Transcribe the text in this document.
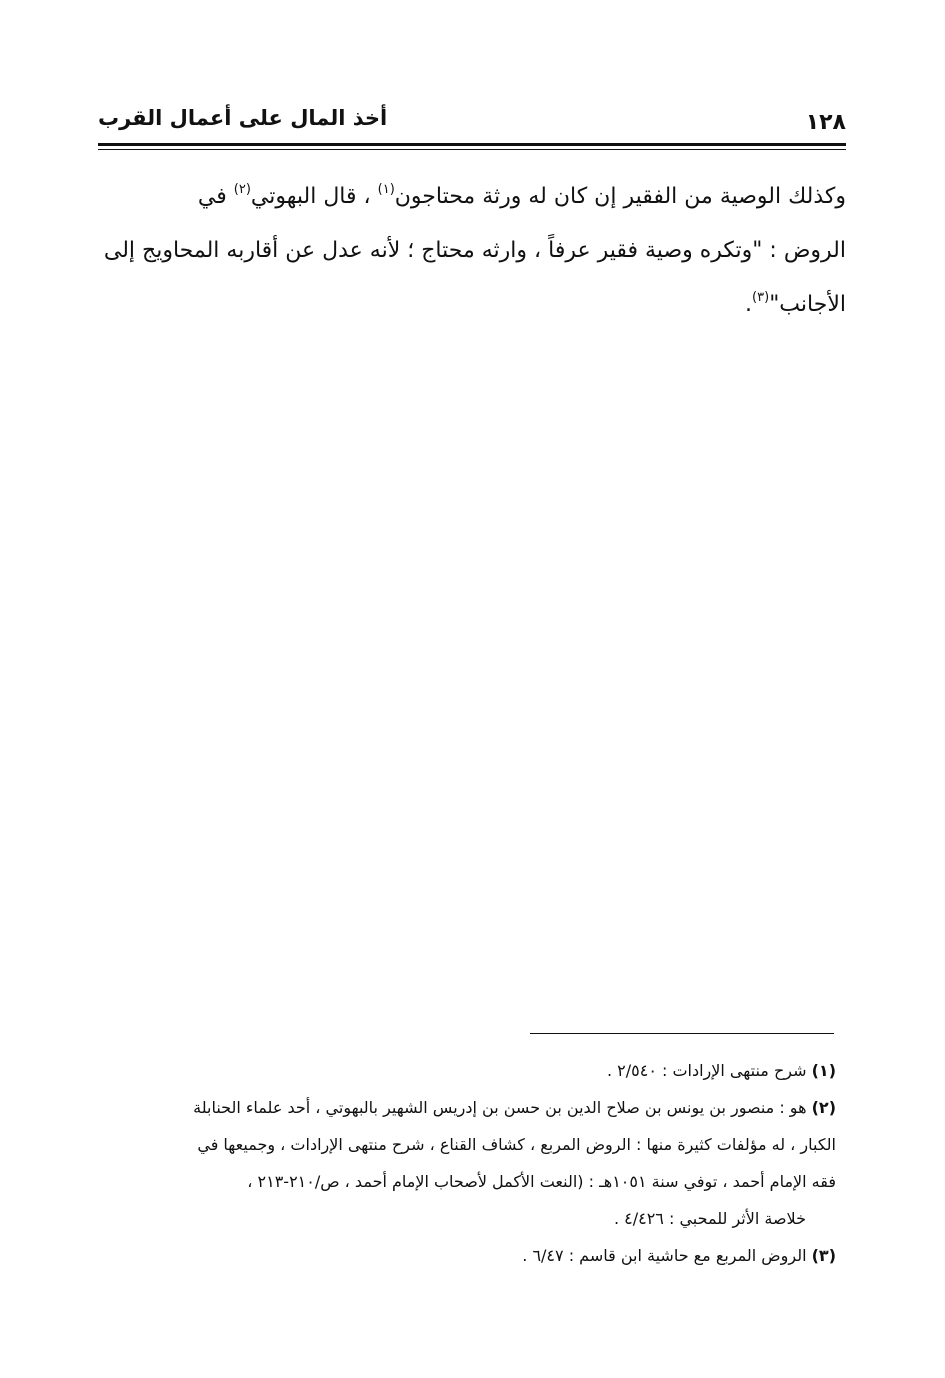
١٢٨
أخذ المال على أعمال القرب
وكذلك الوصية من الفقير إن كان له ورثة محتاجون$^{(١)}$ ، قال البهوتي$^{(٢)}$ في
الروض : "وتكره وصية فقير عرفاً ، وارثه محتاج ؛ لأنه عدل عن أقاربه المحاويج إلى
الأجانب"$^{(٣)}$.
(١) شرح منتهى الإرادات : ٢/٥٤٠ .
(٢) هو : منصور بن يونس بن صلاح الدين بن حسن بن إدريس الشهير بالبهوتي ، أحد علماء الحنابلة
الكبار ، له مؤلفات كثيرة منها : الروض المربع ، كشاف القناع ، شرح منتهى الإرادات ، وجميعها في
فقه الإمام أحمد ، توفي سنة ١٠٥١هـ : (النعت الأكمل لأصحاب الإمام أحمد ، ص/٢١٠-٢١٣ ،
خلاصة الأثر للمحبي : ٤/٤٢٦ .
(٣) الروض المربع مع حاشية ابن قاسم : ٦/٤٧ .
